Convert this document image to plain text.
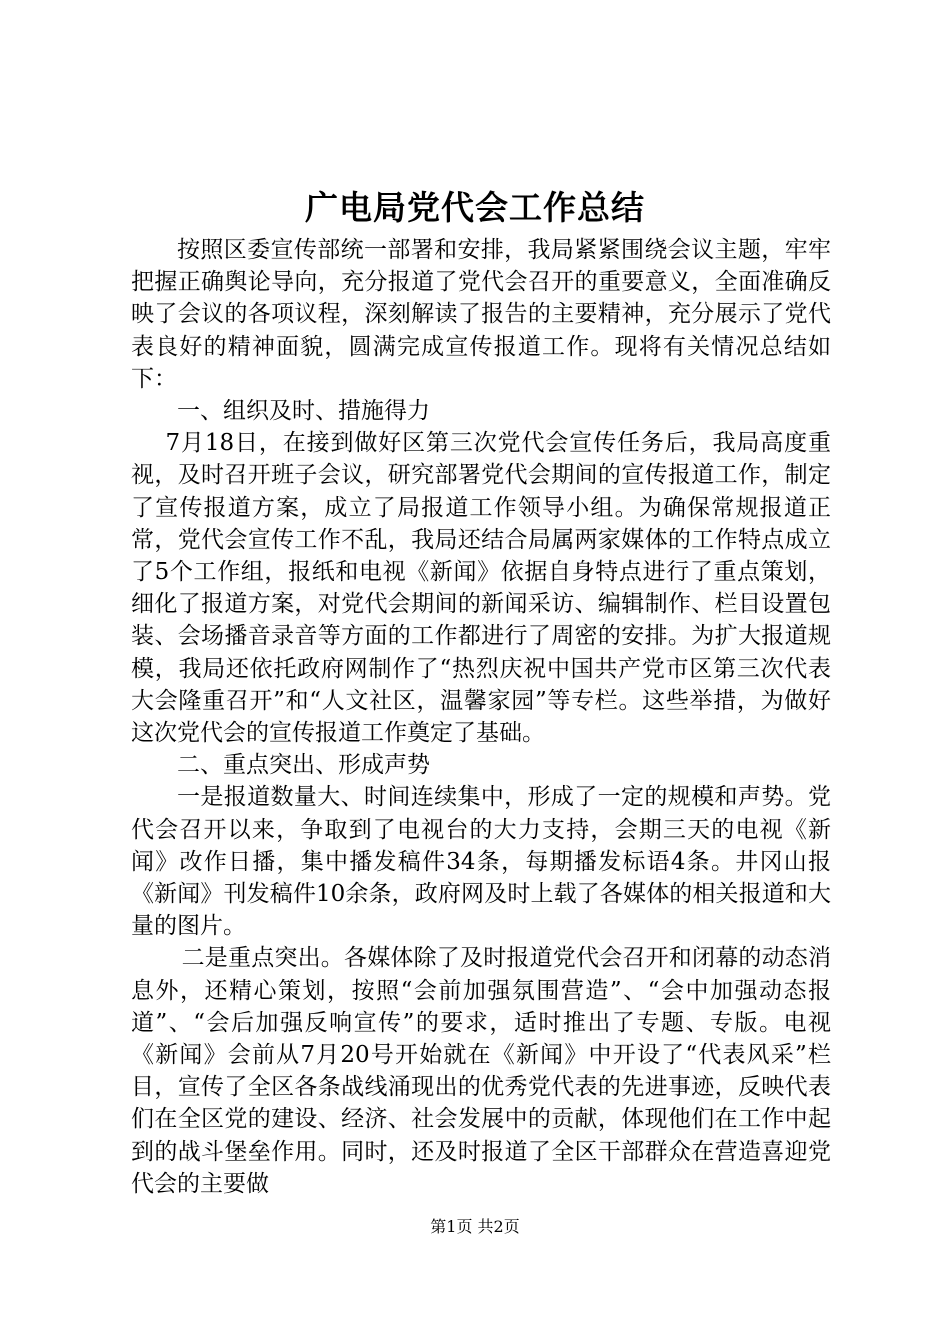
广电局党代会工作总结

按照区委宣传部统一部署和安排，我局紧紧围绕会议主题，牢牢把握正确舆论导向，充分报道了党代会召开的重要意义，全面准确反映了会议的各项议程，深刻解读了报告的主要精神，充分展示了党代表良好的精神面貌，圆满完成宣传报道工作。现将有关情况总结如下：

一、组织及时、措施得力

7月18日，在接到做好区第三次党代会宣传任务后，我局高度重视，及时召开班子会议，研究部署党代会期间的宣传报道工作，制定了宣传报道方案，成立了局报道工作领导小组。为确保常规报道正常，党代会宣传工作不乱，我局还结合局属两家媒体的工作特点成立了5个工作组，报纸和电视《新闻》依据自身特点进行了重点策划，细化了报道方案，对党代会期间的新闻采访、编辑制作、栏目设置包装、会场播音录音等方面的工作都进行了周密的安排。为扩大报道规模，我局还依托政府网制作了“热烈庆祝中国共产党市区第三次代表大会隆重召开”和“人文社区，温馨家园”等专栏。这些举措，为做好这次党代会的宣传报道工作奠定了基础。

二、重点突出、形成声势

一是报道数量大、时间连续集中，形成了一定的规模和声势。党代会召开以来，争取到了电视台的大力支持，会期三天的电视《新闻》改作日播，集中播发稿件34条，每期播发标语4条。井冈山报《新闻》刊发稿件10余条，政府网及时上载了各媒体的相关报道和大量的图片。

二是重点突出。各媒体除了及时报道党代会召开和闭幕的动态消息外，还精心策划，按照“会前加强氛围营造”、“会中加强动态报道”、“会后加强反响宣传”的要求，适时推出了专题、专版。电视《新闻》会前从7月20号开始就在《新闻》中开设了“代表风采”栏目，宣传了全区各条战线涌现出的优秀党代表的先进事迹，反映代表们在全区党的建设、经济、社会发展中的贡献，体现他们在工作中起到的战斗堡垒作用。同时，还及时报道了全区干部群众在营造喜迎党代会的主要做

第1页 共2页
